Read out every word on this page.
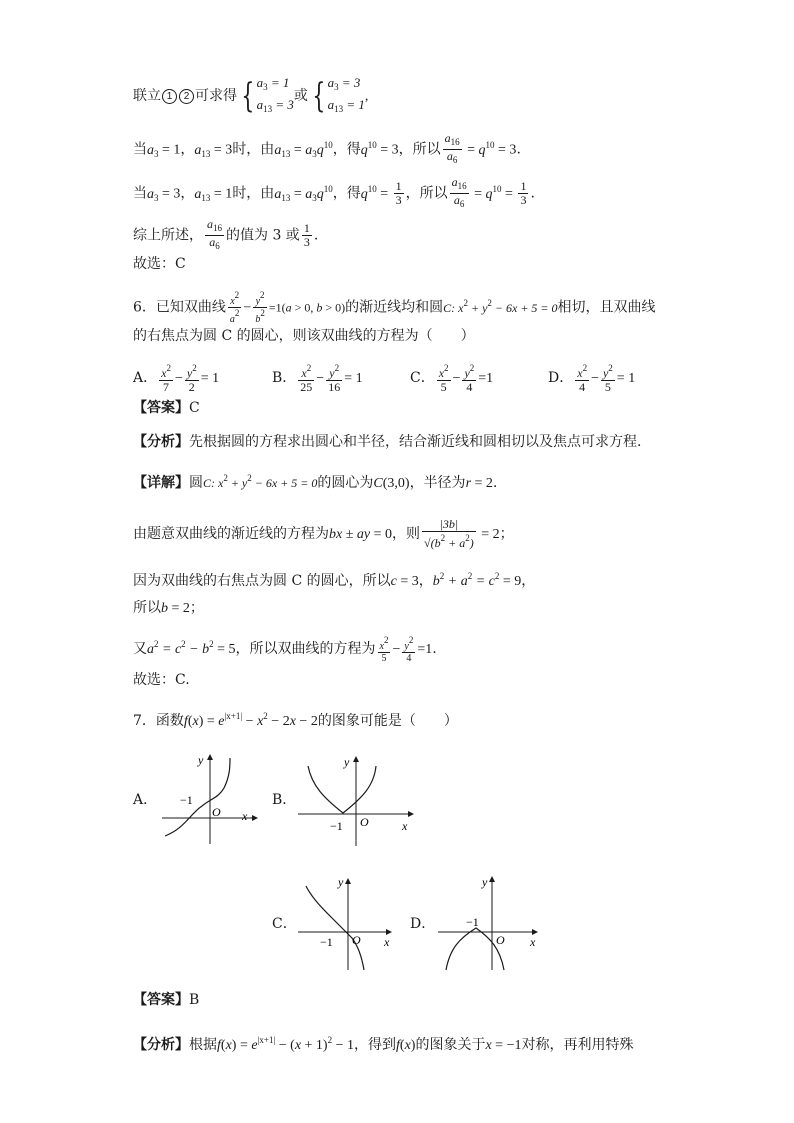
联立 1 2 可求得 { $a_3 = 1$
$a_{13} = 3$
或 { $a_3 = 3$
$a_{13} = 1$
,
当$a_3 = 1$，$a_{13} = 3$时，由$a_{13} = a_3q^{10}$，得$q^{10} = 3$，所以 $\frac{a_{16}}{a_6} = q^{10} = 3$.
当$a_3 = 3$，$a_{13} = 1$时，由$a_{13} = a_3q^{10}$，得$q^{10} = \frac{1}{3}$ ，所以 $\frac{a_{16}}{a_6} = q^{10} = \frac{1}{3}$ .
综上所述， $\frac{a_{16}}{a_6}$ 的值为 3 或 $\frac{1}{3}$ .
故选：C
6．已知双曲线 $\frac{x^2}{a^2} - \frac{y^2}{b^2} =1(a > 0$, b > 0)的渐近线均和圆C: $x^2 + y^2 - 6x + 5 = 0$相切，且双曲线
的右焦点为圆 C 的圆心，则该双曲线的方程为（　　）
A． $\frac{x^2}{7} - \frac{y^2}{2} = 1$	B． $\frac{x^2}{25} - \frac{y^2}{16} = 1$	C． $\frac{x^2}{5} - \frac{y^2}{4} =1$	D． $\frac{x^2}{4} - \frac{y^2}{5} = 1$
【答案】C
【分析】先根据圆的方程求出圆心和半径，结合渐近线和圆相切以及焦点可求方程.
【详解】圆C: $x^2 + y^2 - 6x + 5 = 0$的圆心为C(3,0)，半径为r = 2.
由题意双曲线的渐近线的方程为bx ± ay = 0，则 $\frac{|3b|}{√(b^2 + a^2)} = 2$；
因为双曲线的右焦点为圆 C 的圆心，所以c = 3，$b^2 + a^2 = c^2 = 9$，
所以b = 2；
又$a^2 = c^2 - b^2 = 5$，所以双曲线的方程为 $\frac{x^2}{5} - \frac{y^2}{4} =1$.
故选：C.
7．函数$f(x) = e^{|x+1|} - x^2 - 2x - 2$的图象可能是（　　）
A． −1
O x
y
B．
−1 O	x
y
C．
−1 O x
y
D．	−1
O x
y
【答案】B
【分析】根据$f(x) = e^{|x+1|} - (x + 1)^2 - 1$，得到f(x)的图象关于x = −1对称，再利用特殊
